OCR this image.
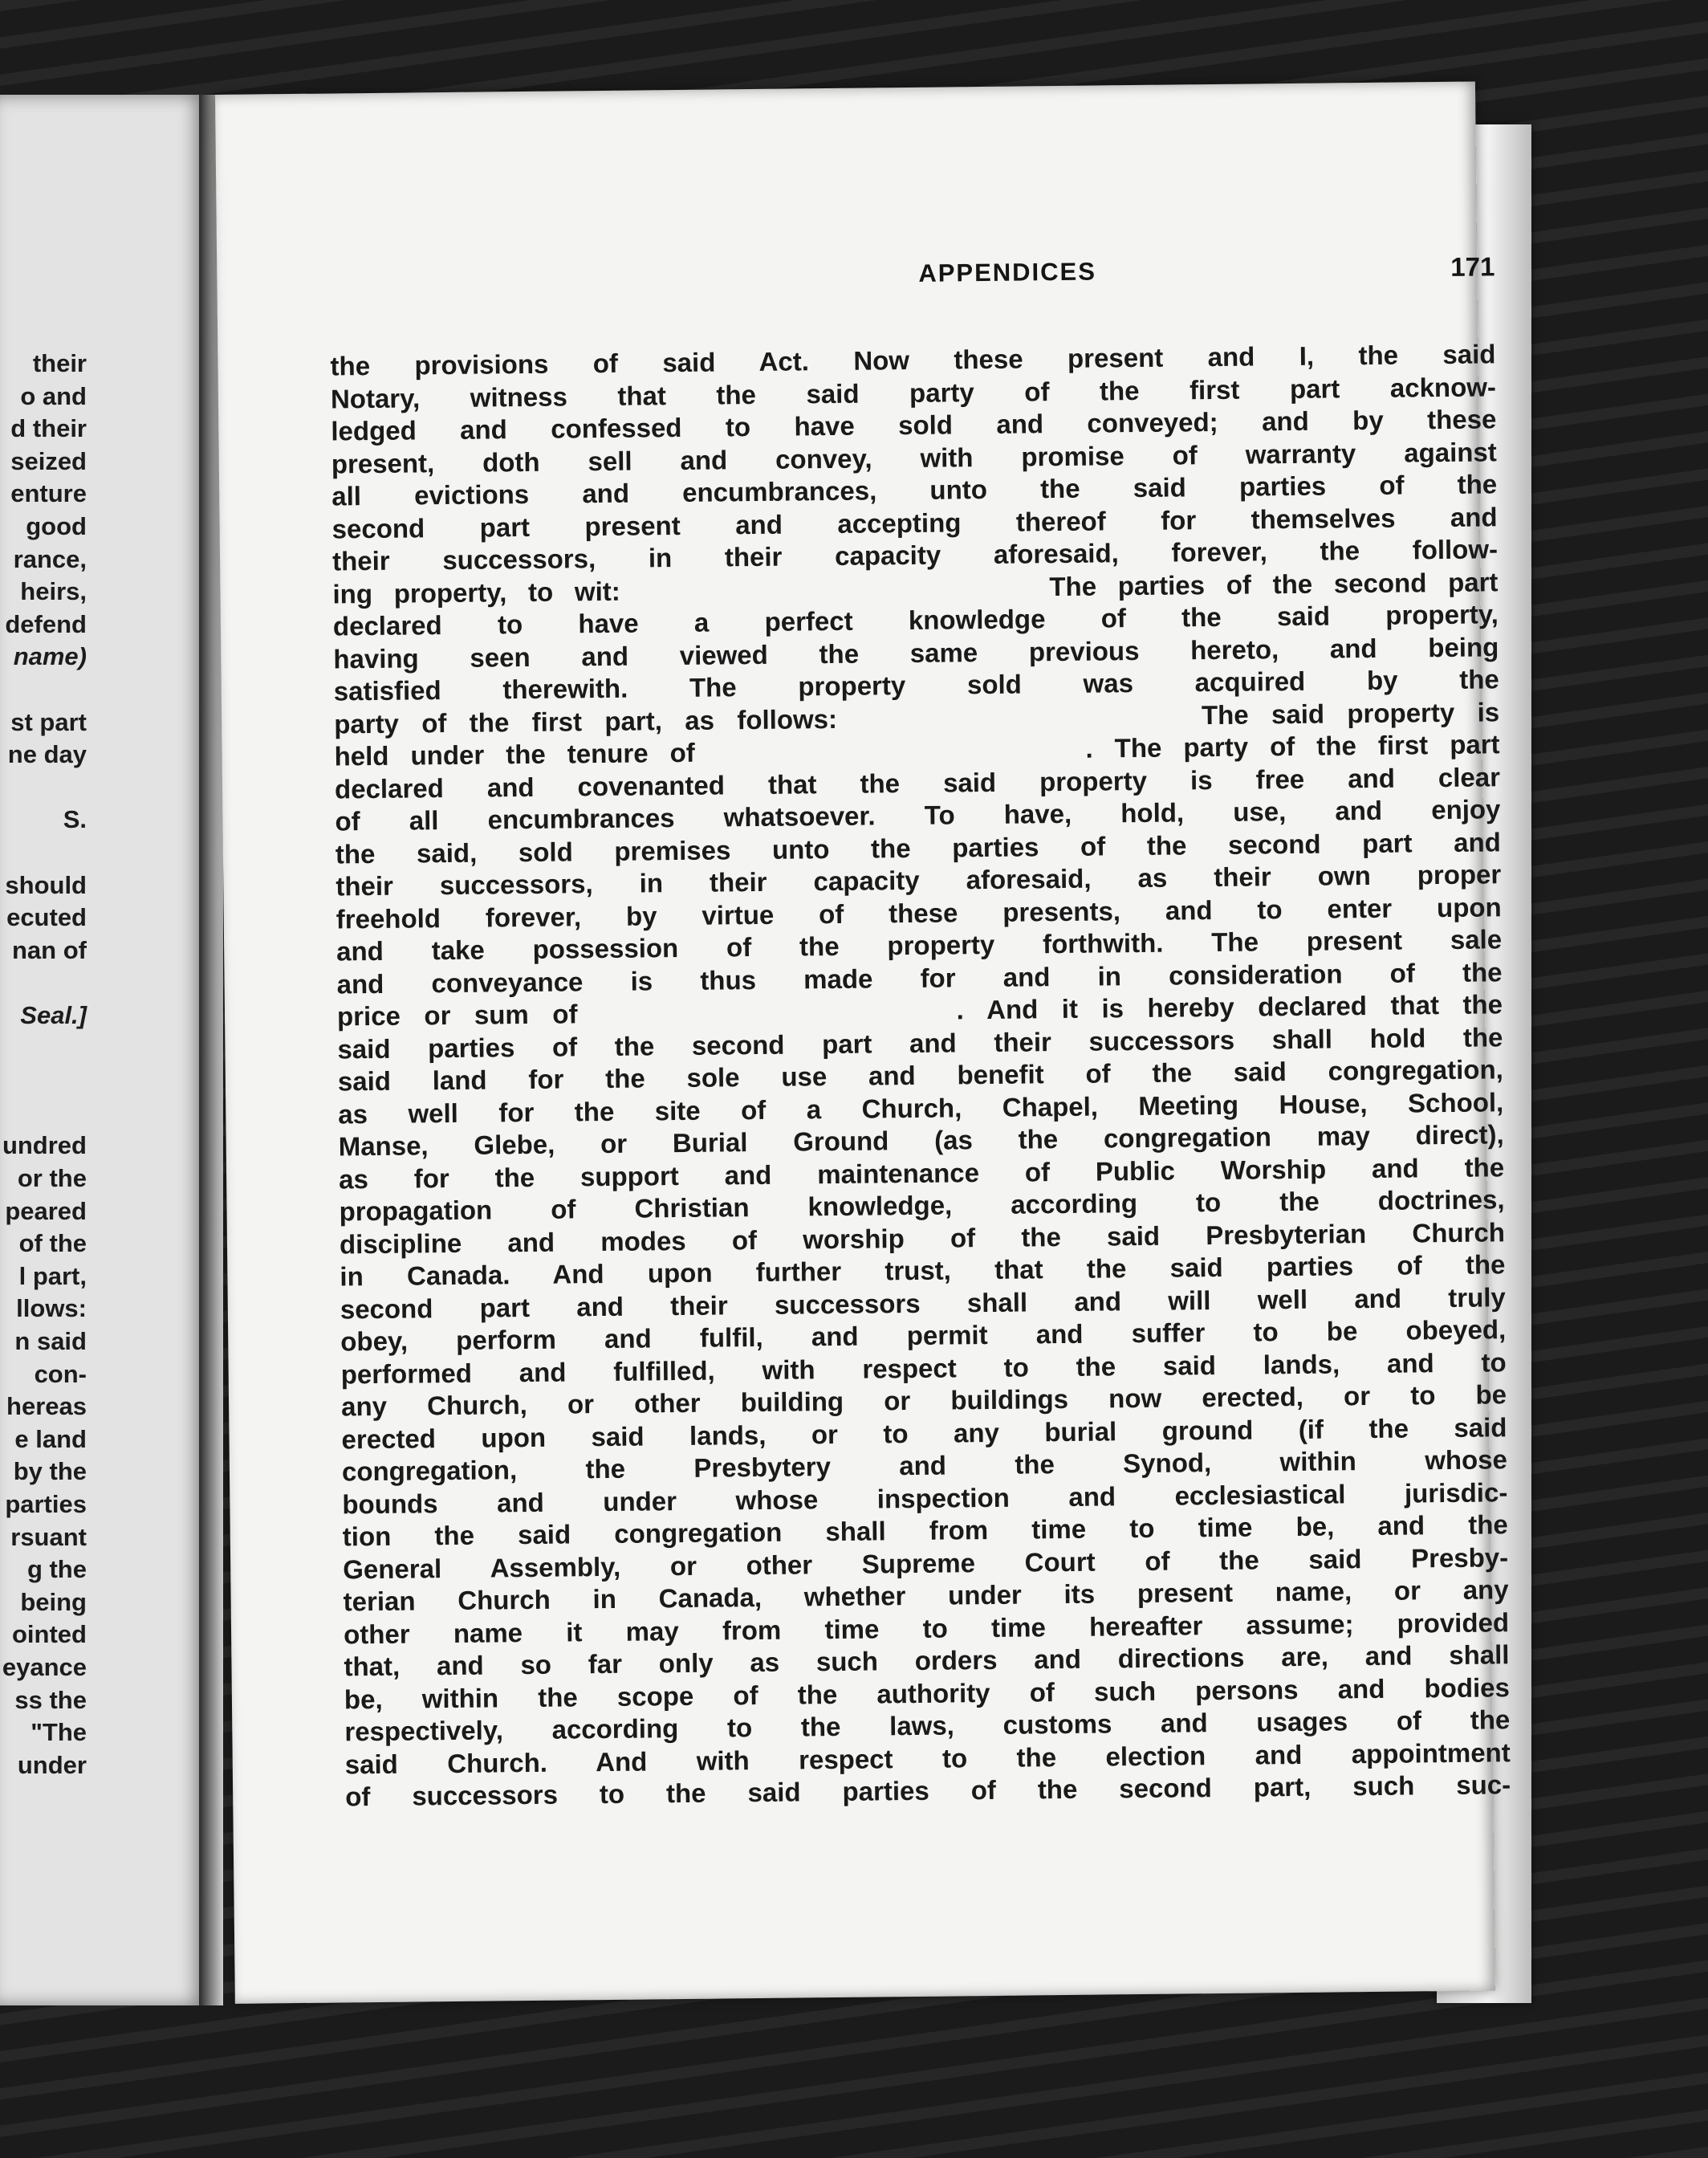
their
o and
d their
seized
enture
good
rance,
heirs,
defend
name)
st part
ne day
S.
should
ecuted
nan of
Seal.]
undred
or the
peared
of the
l part,
llows:
n said
con-
hereas
e land
by the
parties
rsuant
g the
being
ointed
eyance
ss the
"The
under
APPENDICES	171
the provisions of said Act. Now these present and I, the said
Notary, witness that the said party of the first part acknow-
ledged and confessed to have sold and conveyed; and by these
present, doth sell and convey, with promise of warranty against
all evictions and encumbrances, unto the said parties of the
second part present and accepting thereof for themselves and
their successors, in their capacity aforesaid, forever, the follow-
ing property, to wit:                    The parties of the second part
declared to have a perfect knowledge of the said property,
having seen and viewed the same previous hereto, and being
satisfied therewith. The property sold was acquired by the
party of the first part, as follows:                The said property is
held under the tenure of                  . The party of the first part
declared and covenanted that the said property is free and clear
of all encumbrances whatsoever. To have, hold, use, and enjoy
the said, sold premises unto the parties of the second part and
their successors, in their capacity aforesaid, as their own proper
freehold forever, by virtue of these presents, and to enter upon
and take possession of the property forthwith. The present sale
and conveyance is thus made for and in consideration of the
price or sum of                . And it is hereby declared that the
said parties of the second part and their successors shall hold the
said land for the sole use and benefit of the said congregation,
as well for the site of a Church, Chapel, Meeting House, School,
Manse, Glebe, or Burial Ground (as the congregation may direct),
as for the support and maintenance of Public Worship and the
propagation of Christian knowledge, according to the doctrines,
discipline and modes of worship of the said Presbyterian Church
in Canada. And upon further trust, that the said parties of the
second part and their successors shall and will well and truly
obey, perform and fulfil, and permit and suffer to be obeyed,
performed and fulfilled, with respect to the said lands, and to
any Church, or other building or buildings now erected, or to be
erected upon said lands, or to any burial ground (if the said
congregation, the Presbytery and the Synod, within whose
bounds and under whose inspection and ecclesiastical jurisdic-
tion the said congregation shall from time to time be, and the
General Assembly, or other Supreme Court of the said Presby-
terian Church in Canada, whether under its present name, or any
other name it may from time to time hereafter assume; provided
that, and so far only as such orders and directions are, and shall
be, within the scope of the authority of such persons and bodies
respectively, according to the laws, customs and usages of the
said Church. And with respect to the election and appointment
of successors to the said parties of the second part, such suc-
